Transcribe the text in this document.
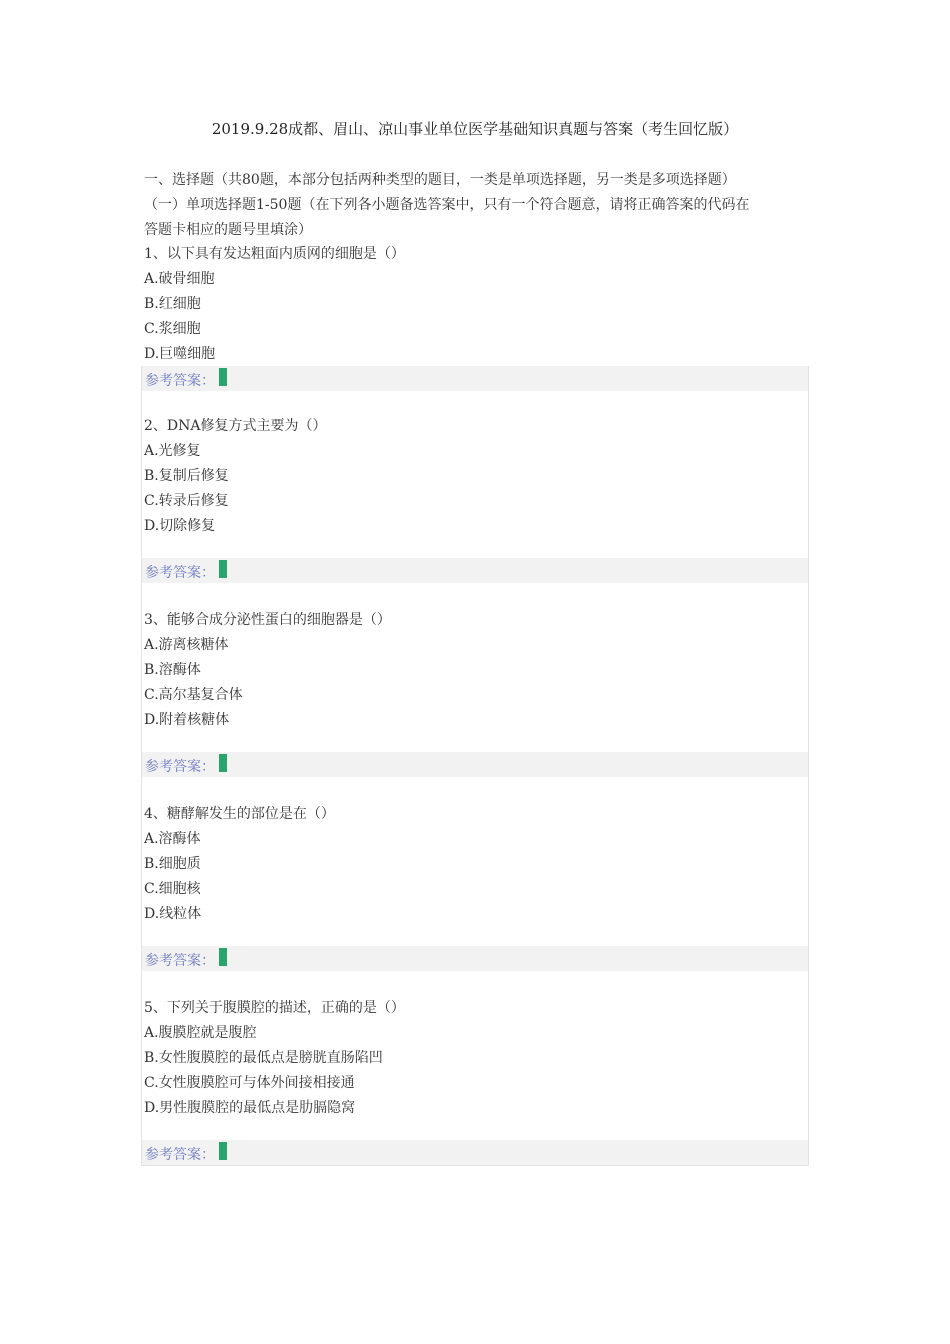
2019.9.28成都、眉山、凉山事业单位医学基础知识真题与答案（考生回忆版）

一、选择题（共80题，本部分包括两种类型的题目，一类是单项选择题，另一类是多项选择题）

（一）单项选择题1-50题（在下列各小题备选答案中，只有一个符合题意，请将正确答案的代码在

答题卡相应的题号里填涂）

1、以下具有发达粗面内质网的细胞是（）

A.破骨细胞

B.红细胞

C.浆细胞

D.巨噬细胞

参考答案：

2、DNA修复方式主要为（）

A.光修复

B.复制后修复

C.转录后修复

D.切除修复

参考答案：

3、能够合成分泌性蛋白的细胞器是（）

A.游离核糖体

B.溶酶体

C.高尔基复合体

D.附着核糖体

参考答案：

4、糖酵解发生的部位是在（）

A.溶酶体

B.细胞质

C.细胞核

D.线粒体

参考答案：

5、下列关于腹膜腔的描述，正确的是（）

A.腹膜腔就是腹腔

B.女性腹膜腔的最低点是膀胱直肠陷凹

C.女性腹膜腔可与体外间接相接通

D.男性腹膜腔的最低点是肋膈隐窝

参考答案：
